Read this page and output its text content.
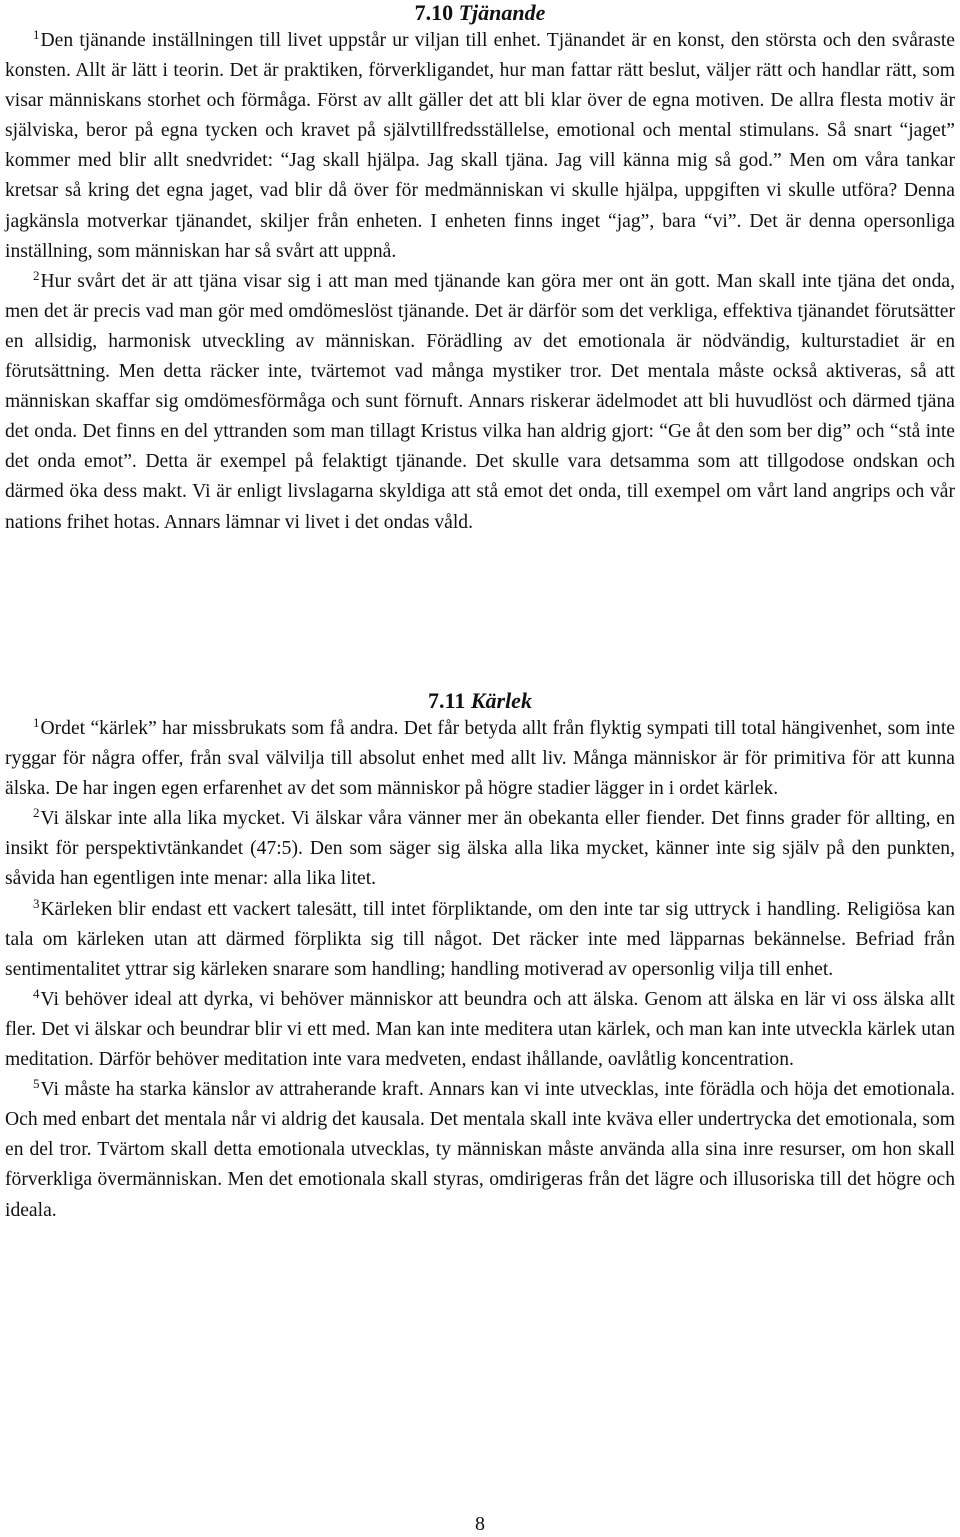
7.10 Tjänande

$^1$Den tjänande inställningen till livet uppstår ur viljan till enhet. Tjänandet är en konst, den största och den svåraste konsten. Allt är lätt i teorin. Det är praktiken, förverkligandet, hur man fattar rätt beslut, väljer rätt och handlar rätt, som visar människans storhet och förmåga. Först av allt gäller det att bli klar över de egna motiven. De allra flesta motiv är själviska, beror på egna tycken och kravet på självtillfredsställelse, emotional och mental stimulans. Så snart “jaget” kommer med blir allt snedvridet: “Jag skall hjälpa. Jag skall tjäna. Jag vill känna mig så god.” Men om våra tankar kretsar så kring det egna jaget, vad blir då över för medmänniskan vi skulle hjälpa, uppgiften vi skulle utföra? Denna jagkänsla motverkar tjänandet, skiljer från enheten. I enheten finns inget “jag”, bara “vi”. Det är denna opersonliga inställning, som människan har så svårt att uppnå.

$^2$Hur svårt det är att tjäna visar sig i att man med tjänande kan göra mer ont än gott. Man skall inte tjäna det onda, men det är precis vad man gör med omdömeslöst tjänande. Det är därför som det verkliga, effektiva tjänandet förutsätter en allsidig, harmonisk utveckling av människan. Förädling av det emotionala är nödvändig, kulturstadiet är en förutsättning. Men detta räcker inte, tvärtemot vad många mystiker tror. Det mentala måste också aktiveras, så att människan skaffar sig omdömesförmåga och sunt förnuft. Annars riskerar ädelmodet att bli huvudlöst och därmed tjäna det onda. Det finns en del yttranden som man tillagt Kristus vilka han aldrig gjort: “Ge åt den som ber dig” och “stå inte det onda emot”. Detta är exempel på felaktigt tjänande. Det skulle vara detsamma som att tillgodose ondskan och därmed öka dess makt. Vi är enligt livslagarna skyldiga att stå emot det onda, till exempel om vårt land angrips och vår nations frihet hotas. Annars lämnar vi livet i det ondas våld.

7.11 Kärlek

$^1$Ordet “kärlek” har missbrukats som få andra. Det får betyda allt från flyktig sympati till total hängivenhet, som inte ryggar för några offer, från sval välvilja till absolut enhet med allt liv. Många människor är för primitiva för att kunna älska. De har ingen egen erfarenhet av det som människor på högre stadier lägger in i ordet kärlek.

$^2$Vi älskar inte alla lika mycket. Vi älskar våra vänner mer än obekanta eller fiender. Det finns grader för allting, en insikt för perspektivtänkandet (47:5). Den som säger sig älska alla lika mycket, känner inte sig själv på den punkten, såvida han egentligen inte menar: alla lika litet.

$^3$Kärleken blir endast ett vackert talesätt, till intet förpliktande, om den inte tar sig uttryck i handling. Religiösa kan tala om kärleken utan att därmed förplikta sig till något. Det räcker inte med läpparnas bekännelse. Befriad från sentimentalitet yttrar sig kärleken snarare som handling; handling motiverad av opersonlig vilja till enhet.

$^4$Vi behöver ideal att dyrka, vi behöver människor att beundra och att älska. Genom att älska en lär vi oss älska allt fler. Det vi älskar och beundrar blir vi ett med. Man kan inte meditera utan kärlek, och man kan inte utveckla kärlek utan meditation. Därför behöver meditation inte vara medveten, endast ihållande, oavlåtlig koncentration.

$^5$Vi måste ha starka känslor av attraherande kraft. Annars kan vi inte utvecklas, inte förädla och höja det emotionala. Och med enbart det mentala når vi aldrig det kausala. Det mentala skall inte kväva eller undertrycka det emotionala, som en del tror. Tvärtom skall detta emotionala utvecklas, ty människan måste använda alla sina inre resurser, om hon skall förverkliga övermänniskan. Men det emotionala skall styras, omdirigeras från det lägre och illusoriska till det högre och ideala.

8
